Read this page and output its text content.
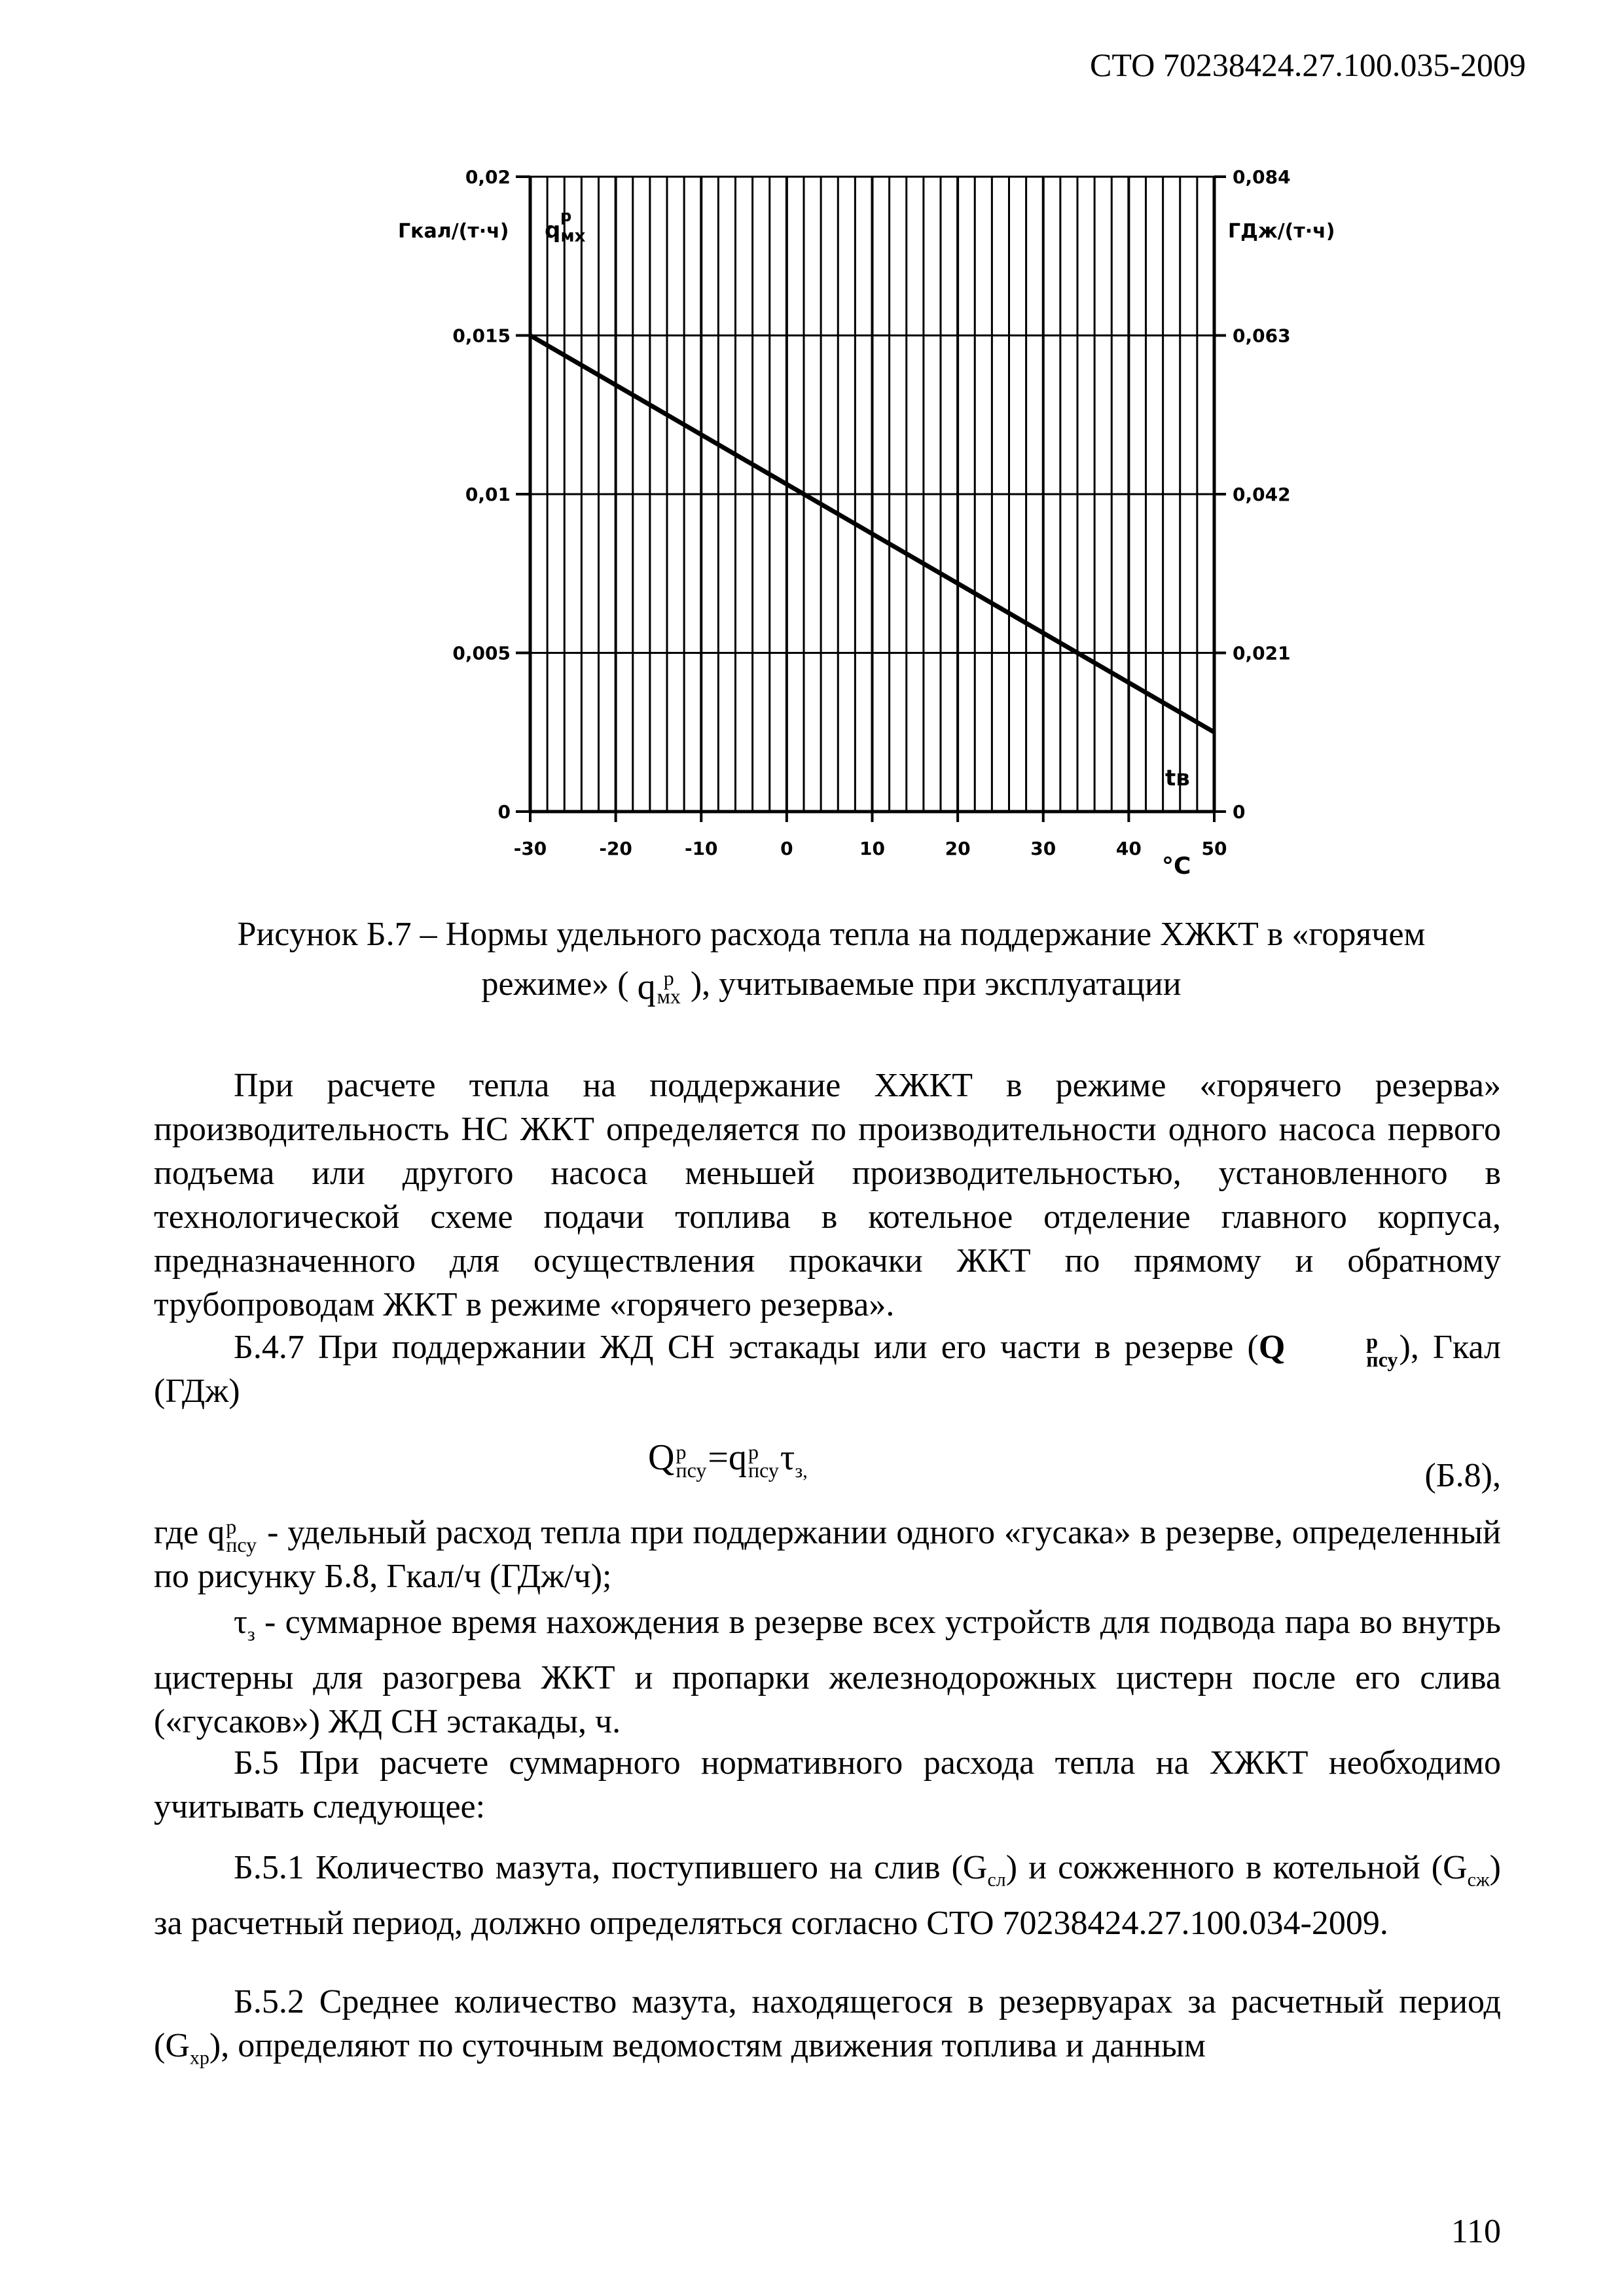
СТО 70238424.27.100.035-2009
0
0,005
0,01
0,015
0,02
0
0,021
0,042
0,063
0,084
-30	-20	-10	0	10	20	30	40	50
Гкал/(т·ч) qмх
р
ГДж/(т·ч)
tв
°C
Рисунок Б.7 – Нормы удельного расхода тепла на поддержание ХЖКТ в «горячем
режиме» ( q р
мх ), учитываемые при эксплуатации
При расчете тепла на поддержание ХЖКТ в режиме «горячего резерва» производительность НС ЖКТ определяется по производительности одного насоса первого подъема или другого насоса меньшей производительностью, установленного в технологической схеме подачи топлива в котельное отделение главного корпуса, предназначенного для осуществления прокачки ЖКТ по прямому и обратному трубопроводам ЖКТ в режиме «горячего резерва».
Б.4.7 При поддержании ЖД СН эстакады или его части в резерве (Q	р
псу ), Гкал (ГДж)
Q р
псу =q р
псу $\tau_{з,}$	(Б.8),
где q р
псу - удельный расход тепла при поддержании одного «гусака» в резерве, определенный по рисунку Б.8, Гкал/ч (ГДж/ч);
$\tau_з$ - суммарное время нахождения в резерве всех устройств для подвода пара во внутрь цистерны для разогрева ЖКТ и пропарки железнодорожных цистерн после его слива («гусаков») ЖД СН эстакады, ч.
Б.5 При расчете суммарного нормативного расхода тепла на ХЖКТ необходимо учитывать следующее:
Б.5.1 Количество мазута, поступившего на слив $(G_{сл})$ и сожженного в котельной $(G_{сж})$ за расчетный период, должно определяться согласно СТО 70238424.27.100.034-2009.
Б.5.2 Среднее количество мазута, находящегося в резервуарах за расчетный период $(G_{хр})$, определяют по суточным ведомостям движения топлива и данным
110
